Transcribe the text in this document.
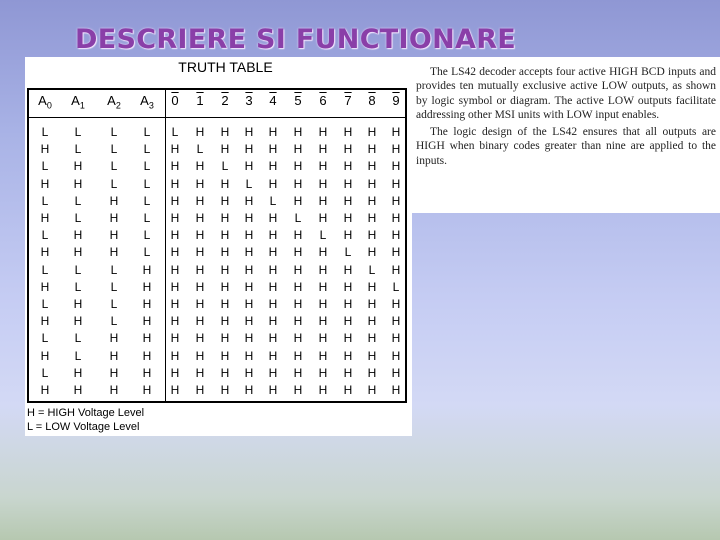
DESCRIERE SI FUNCTIONARE
TRUTH TABLE
$A_0$ $A_1$ $A_2$ $A_3$ 0 1 2 3 4 5 6 7 8 9
L L L L L H H H H H H H H H
H L L L H L H H H H H H H H
L H L L H H L H H H H H H H
H H L L H H H L H H H H H H
L L H L H H H H L H H H H H
H L H L H H H H H L H H H H
L H H L H H H H H H L H H H
H H H L H H H H H H H L H H
L L L H H H H H H H H H L H
H L L H H H H H H H H H H L
L H L H H H H H H H H H H H
H H L H H H H H H H H H H H
L L H H H H H H H H H H H H
H L H H H H H H H H H H H H
L H H H H H H H H H H H H H
H H H H H H H H H H H H H H
H = HIGH Voltage Level
L = LOW Voltage Level

The LS42 decoder accepts four active HIGH BCD inputs and provides ten mutually exclusive active LOW outputs, as shown by logic symbol or diagram. The active LOW outputs facilitate addressing other MSI units with LOW input enables.

The logic design of the LS42 ensures that all outputs are HIGH when binary codes greater than nine are applied to the inputs.
